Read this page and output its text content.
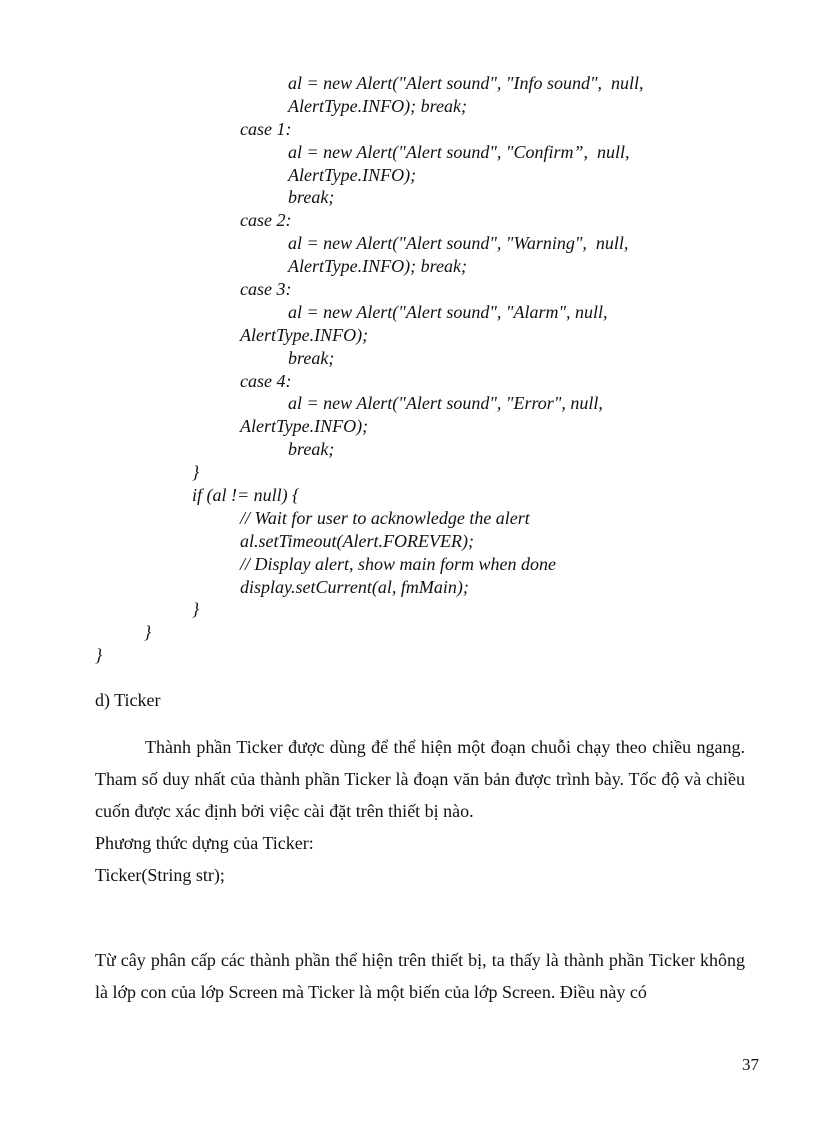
al = new Alert("Alert sound", "Info sound",  null,
AlertType.INFO); break;
case 1:
al = new Alert("Alert sound", "Confirm”,  null,
AlertType.INFO);
break;
case 2:
al = new Alert("Alert sound", "Warning",  null,
AlertType.INFO); break;
case 3:
al = new Alert("Alert sound", "Alarm", null,
AlertType.INFO);
break;
case 4:
al = new Alert("Alert sound", "Error", null,
AlertType.INFO);
break;
}
if (al != null) {
// Wait for user to acknowledge the alert
al.setTimeout(Alert.FOREVER);
// Display alert, show main form when done
display.setCurrent(al, fmMain);
}
}
}

d) Ticker

Thành phần Ticker được dùng để thể hiện một đoạn chuỗi chạy theo chiều ngang. Tham số duy nhất của thành phần Ticker là đoạn văn bản được trình bày. Tốc độ và chiều cuốn được xác định bởi việc cài đặt trên thiết bị nào.

Phương thức dựng của Ticker:

Ticker(String str);

Từ cây phân cấp các thành phần thể hiện trên thiết bị, ta thấy là thành phần Ticker không là lớp con của lớp Screen mà Ticker là một biến của lớp Screen. Điều này có

37
